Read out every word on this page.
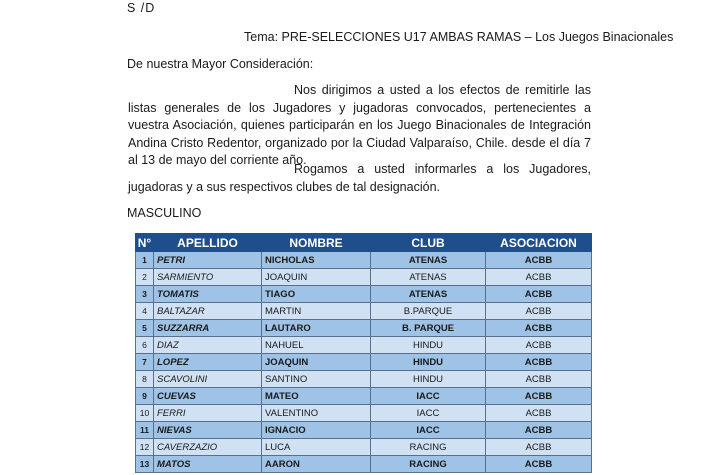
S /D

Tema: PRE-SELECCIONES U17 AMBAS RAMAS – Los Juegos Binacionales

De nuestra Mayor Consideración:

Nos dirigimos a usted a los efectos de remitirle las listas generales de los Jugadores y jugadoras convocados, pertenecientes a vuestra Asociación, quienes participarán en los Juego Binacionales de Integración Andina Cristo Redentor, organizado por la Ciudad Valparaíso, Chile. desde el día 7 al 13 de mayo del corriente año.

Rogamos a usted informarles a los Jugadores, jugadoras y a sus respectivos clubes de tal designación.

MASCULINO

N°	APELLIDO	NOMBRE	CLUB	ASOCIACION
1	PETRI	NICHOLAS	ATENAS	ACBB
2	SARMIENTO	JOAQUIN	ATENAS	ACBB
3	TOMATIS	TIAGO	ATENAS	ACBB
4	BALTAZAR	MARTIN	B.PARQUE	ACBB
5	SUZZARRA	LAUTARO	B. PARQUE	ACBB
6	DIAZ	NAHUEL	HINDU	ACBB
7	LOPEZ	JOAQUIN	HINDU	ACBB
8	SCAVOLINI	SANTINO	HINDU	ACBB
9	CUEVAS	MATEO	IACC	ACBB
10	FERRI	VALENTINO	IACC	ACBB
11	NIEVAS	IGNACIO	IACC	ACBB
12	CAVERZAZIO	LUCA	RACING	ACBB
13	MATOS	AARON	RACING	ACBB
